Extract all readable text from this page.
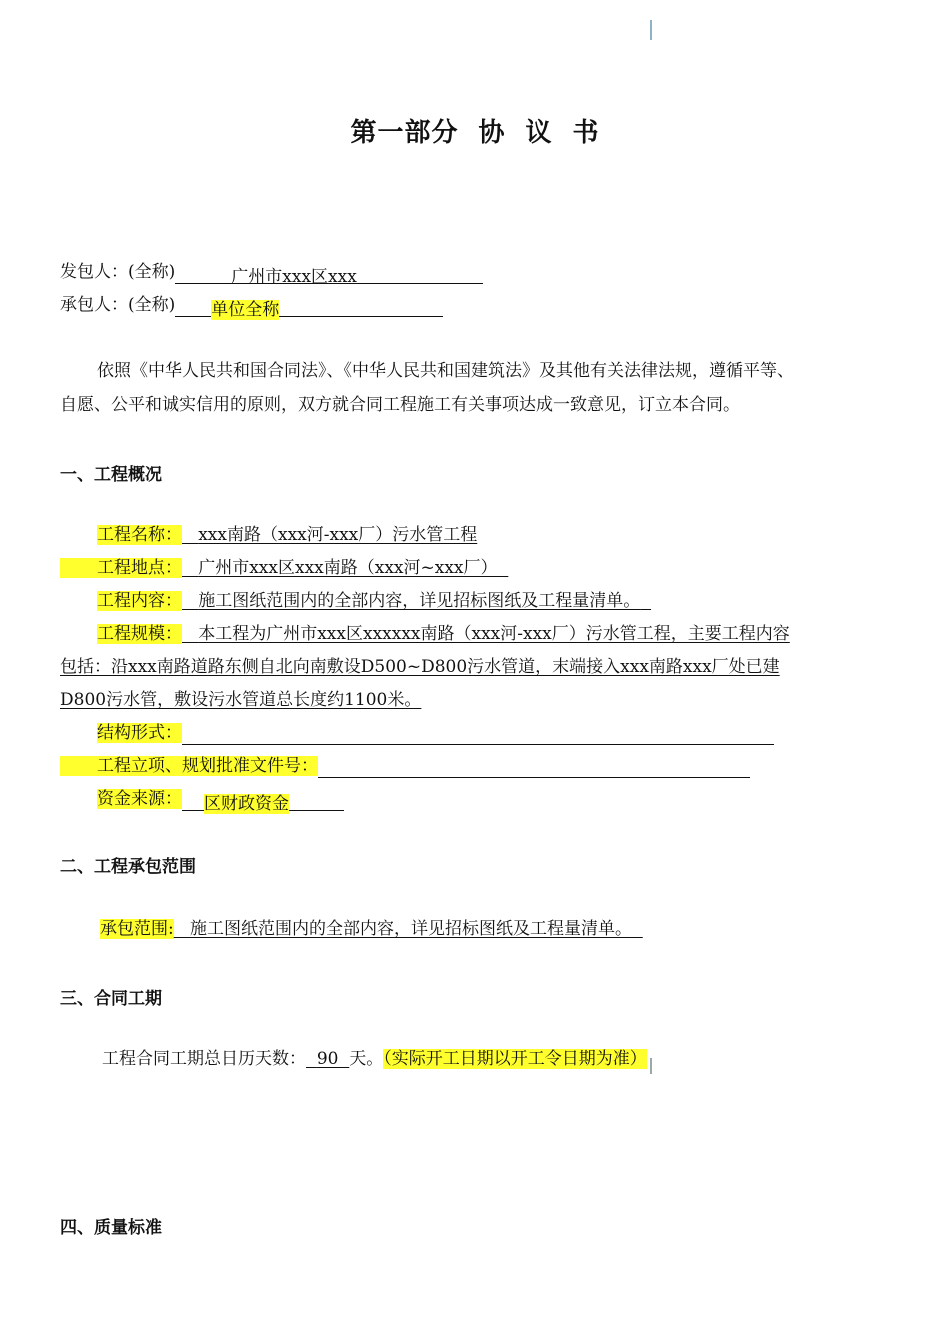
第一部分 协 议 书
发包人：(全称)	广州市xxx区xxx
承包人：(全称) 单位全称
依照《中华人民共和国合同法》、《中华人民共和国建筑法》及其他有关法律法规，遵循平等、
自愿、公平和诚实信用的原则，双方就合同工程施工有关事项达成一致意见，订立本合同。
一、工程概况
工程名称： xxx南路（xxx河-xxx厂）污水管工程
工程地点： 广州市xxx区xxx南路（xxx河~xxx厂）
工程内容： 施工图纸范围内的全部内容，详见招标图纸及工程量清单。
工程规模： 本工程为广州市xxx区xxxxxx南路（xxx河-xxx厂）污水管工程，主要工程内容
包括：沿xxx南路道路东侧自北向南敷设D500~D800污水管道，末端接入xxx南路xxx厂处已建
D800污水管，敷设污水管道总长度约1100米。
结构形式：
工程立项、规划批准文件号：
资金来源： 区财政资金
二、工程承包范围
承包范围: 施工图纸范围内的全部内容，详见招标图纸及工程量清单。
三、合同工期
工程合同工期总日历天数： 90 天。（实际开工日期以开工令日期为准）
四、质量标准
